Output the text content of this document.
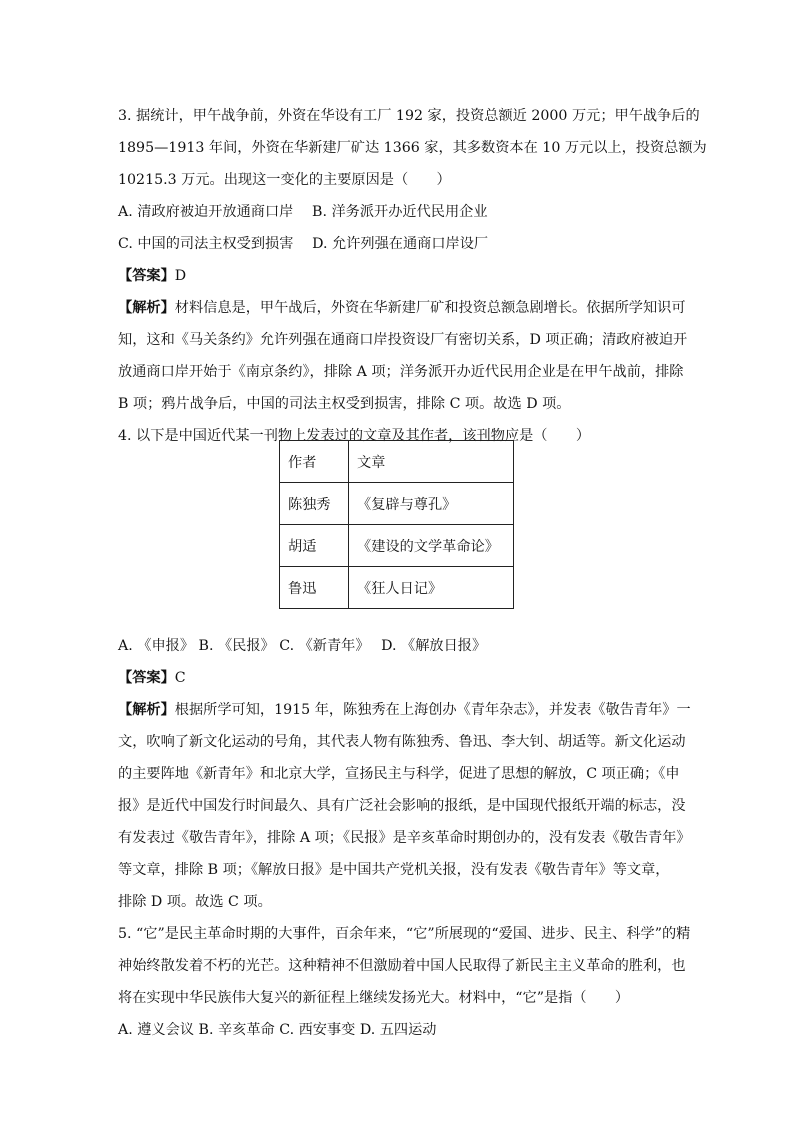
3. 据统计，甲午战争前，外资在华设有工厂 192 家，投资总额近 2000 万元；甲午战争后的

1895—1913 年间，外资在华新建厂矿达 1366 家，其多数资本在 10 万元以上，投资总额为

10215.3 万元。出现这一变化的主要原因是（　　）

A. 清政府被迫开放通商口岸　 B. 洋务派开办近代民用企业

C. 中国的司法主权受到损害　 D. 允许列强在通商口岸设厂

【答案】D

【解析】材料信息是，甲午战后，外资在华新建厂矿和投资总额急剧增长。依据所学知识可

知，这和《马关条约》允许列强在通商口岸投资设厂有密切关系，D 项正确；清政府被迫开

放通商口岸开始于《南京条约》，排除 A 项；洋务派开办近代民用企业是在甲午战前，排除

B 项；鸦片战争后，中国的司法主权受到损害，排除 C 项。故选 D 项。

4. 以下是中国近代某一刊物上发表过的文章及其作者，该刊物应是（　　）

A. 《申报》 B. 《民报》 C. 《新青年》　 D. 《解放日报》

【答案】C

【解析】根据所学可知，1915 年，陈独秀在上海创办《青年杂志》，并发表《敬告青年》一

文，吹响了新文化运动的号角，其代表人物有陈独秀、鲁迅、李大钊、胡适等。新文化运动

的主要阵地《新青年》和北京大学，宣扬民主与科学，促进了思想的解放，C 项正确；《申

报》是近代中国发行时间最久、具有广泛社会影响的报纸，是中国现代报纸开端的标志，没

有发表过《敬告青年》，排除 A 项；《民报》是辛亥革命时期创办的，没有发表《敬告青年》

等文章，排除 B 项；《解放日报》是中国共产党机关报，没有发表《敬告青年》等文章，

排除 D 项。故选 C 项。

5. “它”是民主革命时期的大事件，百余年来，“它”所展现的“爱国、进步、民主、科学”的精

神始终散发着不朽的光芒。这种精神不但激励着中国人民取得了新民主主义革命的胜利，也

将在实现中华民族伟大复兴的新征程上继续发扬光大。材料中，“它”是指（　　）

A. 遵义会议 B. 辛亥革命 C. 西安事变 D. 五四运动

作者	文章
陈独秀	《复辟与尊孔》
胡适	《建设的文学革命论》
鲁迅	《狂人日记》
